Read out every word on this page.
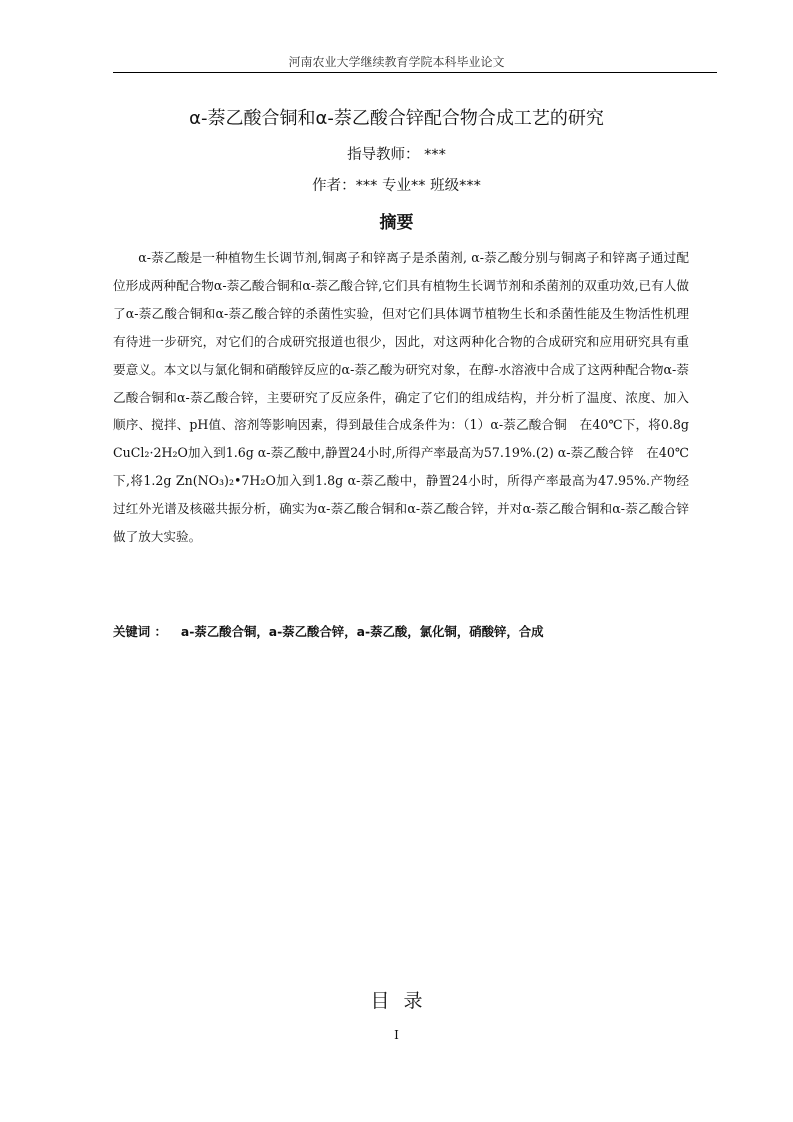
河南农业大学继续教育学院本科毕业论文
α-萘乙酸合铜和α-萘乙酸合锌配合物合成工艺的研究
指导教师： ***
作者：*** 专业** 班级***
摘要
α-萘乙酸是一种植物生长调节剂,铜离子和锌离子是杀菌剂, α-萘乙酸分别与铜离子和锌离子通过配位形成两种配合物α-萘乙酸合铜和α-萘乙酸合锌,它们具有植物生长调节剂和杀菌剂的双重功效,已有人做了α-萘乙酸合铜和α-萘乙酸合锌的杀菌性实验，但对它们具体调节植物生长和杀菌性能及生物活性机理有待进一步研究，对它们的合成研究报道也很少，因此，对这两种化合物的合成研究和应用研究具有重要意义。本文以与氯化铜和硝酸锌反应的α-萘乙酸为研究对象，在醇-水溶液中合成了这两种配合物α-萘乙酸合铜和α-萘乙酸合锌，主要研究了反应条件，确定了它们的组成结构，并分析了温度、浓度、加入顺序、搅拌、pH值、溶剂等影响因素，得到最佳合成条件为：（1）α-萘乙酸合铜　在40℃下，将0.8g CuCl₂·2H₂O加入到1.6g α-萘乙酸中,静置24小时,所得产率最高为57.19%.(2) α-萘乙酸合锌　在40℃下,将1.2g Zn(NO₃)₂•7H₂O加入到1.8g α-萘乙酸中，静置24小时，所得产率最高为47.95%.产物经过红外光谱及核磁共振分析，确实为α-萘乙酸合铜和α-萘乙酸合锌，并对α-萘乙酸合铜和α-萘乙酸合锌做了放大实验。
关键词 ： a-萘乙酸合铜，a-萘乙酸合锌，a-萘乙酸，氯化铜，硝酸锌，合成
目录
I
